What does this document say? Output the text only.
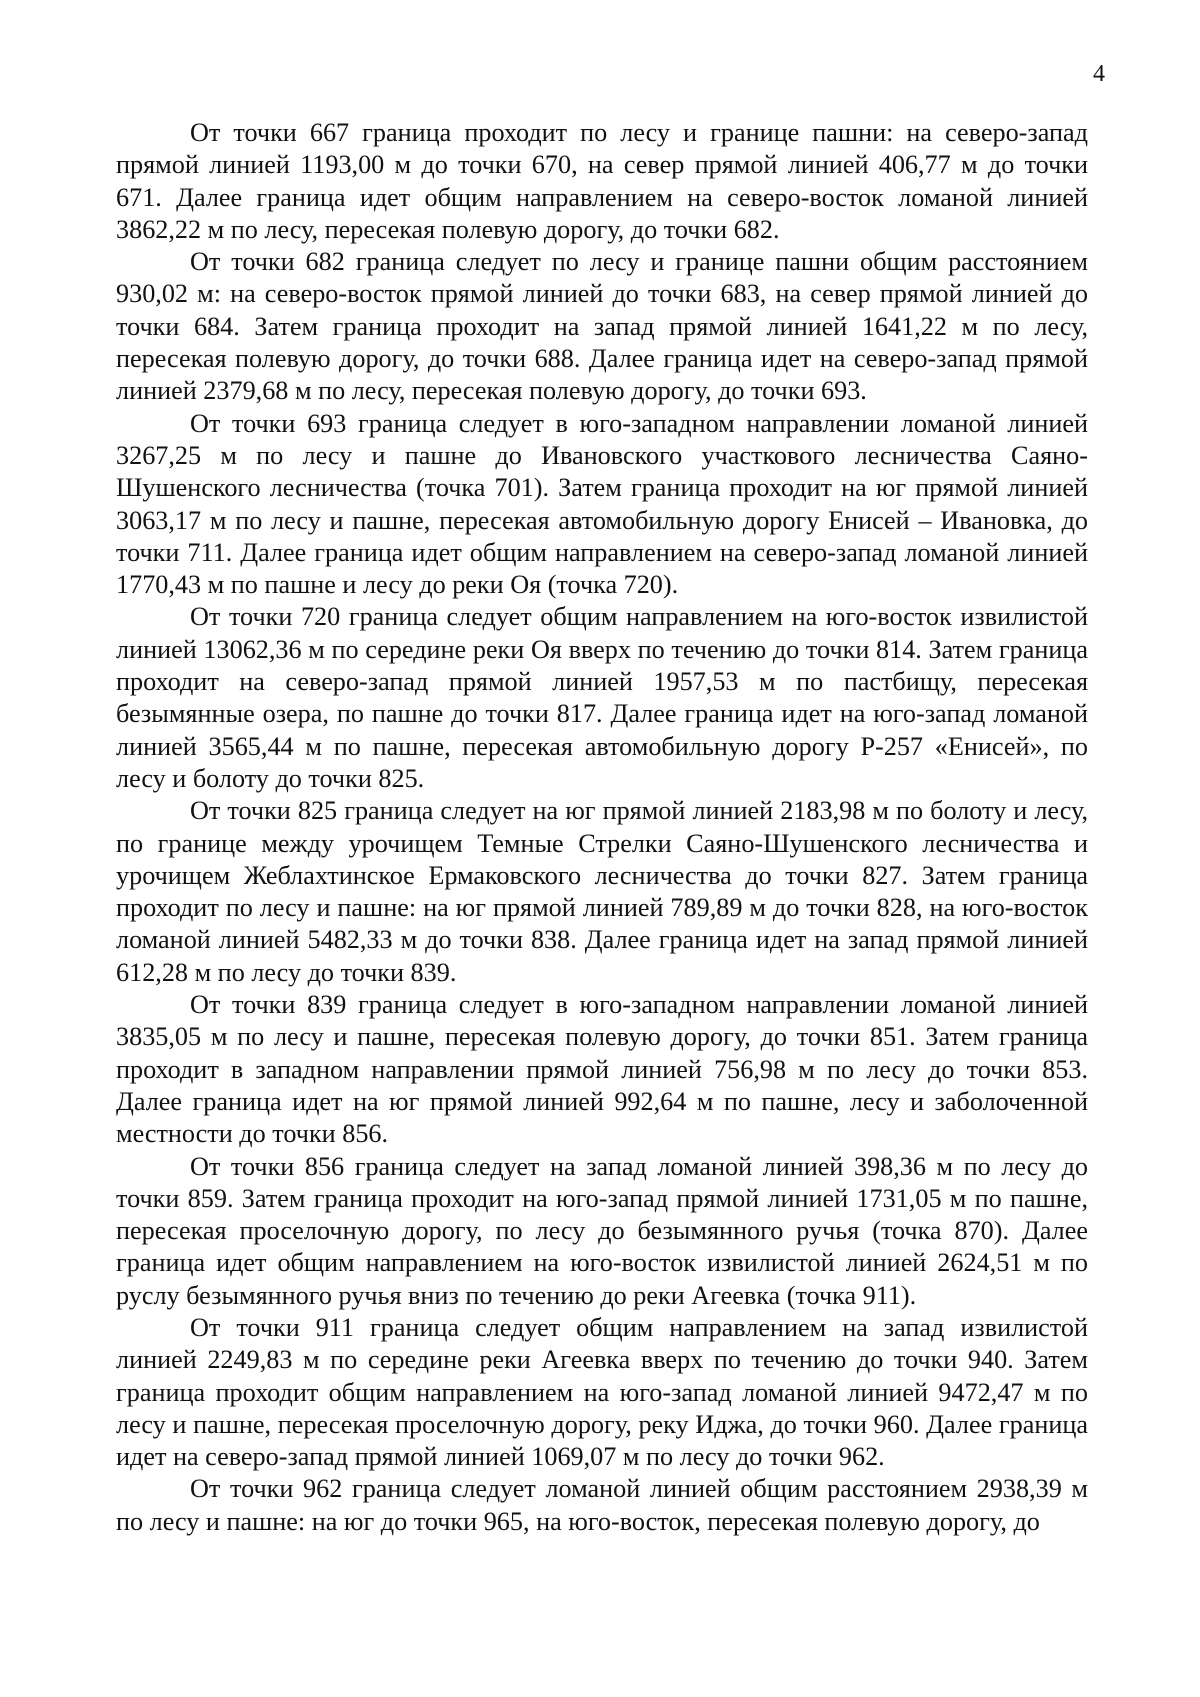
4

От точки 667 граница проходит по лесу и границе пашни: на северо-запад прямой линией 1193,00 м до точки 670, на север прямой линией 406,77 м до точки 671. Далее граница идет общим направлением на северо-восток ломаной линией 3862,22 м по лесу, пересекая полевую дорогу, до точки 682.

От точки 682 граница следует по лесу и границе пашни общим расстоянием 930,02 м: на северо-восток прямой линией до точки 683, на север прямой линией до точки 684. Затем граница проходит на запад прямой линией 1641,22 м по лесу, пересекая полевую дорогу, до точки 688. Далее граница идет на северо-запад прямой линией 2379,68 м по лесу, пересекая полевую дорогу, до точки 693.

От точки 693 граница следует в юго-западном направлении ломаной линией 3267,25 м по лесу и пашне до Ивановского участкового лесничества Саяно-Шушенского лесничества (точка 701). Затем граница проходит на юг прямой линией 3063,17 м по лесу и пашне, пересекая автомобильную дорогу Енисей – Ивановка, до точки 711. Далее граница идет общим направлением на северо-запад ломаной линией 1770,43 м по пашне и лесу до реки Оя (точка 720).

От точки 720 граница следует общим направлением на юго-восток извилистой линией 13062,36 м по середине реки Оя вверх по течению до точки 814. Затем граница проходит на северо-запад прямой линией 1957,53 м по пастбищу, пересекая безымянные озера, по пашне до точки 817. Далее граница идет на юго-запад ломаной линией 3565,44 м по пашне, пересекая автомобильную дорогу Р-257 «Енисей», по лесу и болоту до точки 825.

От точки 825 граница следует на юг прямой линией 2183,98 м по болоту и лесу, по границе между урочищем Темные Стрелки Саяно-Шушенского лесничества и урочищем Жеблахтинское Ермаковского лесничества до точки 827. Затем граница проходит по лесу и пашне: на юг прямой линией 789,89 м до точки 828, на юго-восток ломаной линией 5482,33 м до точки 838. Далее граница идет на запад прямой линией 612,28 м по лесу до точки 839.

От точки 839 граница следует в юго-западном направлении ломаной линией 3835,05 м по лесу и пашне, пересекая полевую дорогу, до точки 851. Затем граница проходит в западном направлении прямой линией 756,98 м по лесу до точки 853. Далее граница идет на юг прямой линией 992,64 м по пашне, лесу и заболоченной местности до точки 856.

От точки 856 граница следует на запад ломаной линией 398,36 м по лесу до точки 859. Затем граница проходит на юго-запад прямой линией 1731,05 м по пашне, пересекая проселочную дорогу, по лесу до безымянного ручья (точка 870). Далее граница идет общим направлением на юго-восток извилистой линией 2624,51 м по руслу безымянного ручья вниз по течению до реки Агеевка (точка 911).

От точки 911 граница следует общим направлением на запад извилистой линией 2249,83 м по середине реки Агеевка вверх по течению до точки 940. Затем граница проходит общим направлением на юго-запад ломаной линией 9472,47 м по лесу и пашне, пересекая проселочную дорогу, реку Иджа, до точки 960. Далее граница идет на северо-запад прямой линией 1069,07 м по лесу до точки 962.

От точки 962 граница следует ломаной линией общим расстоянием 2938,39 м по лесу и пашне: на юг до точки 965, на юго-восток, пересекая полевую дорогу, до
